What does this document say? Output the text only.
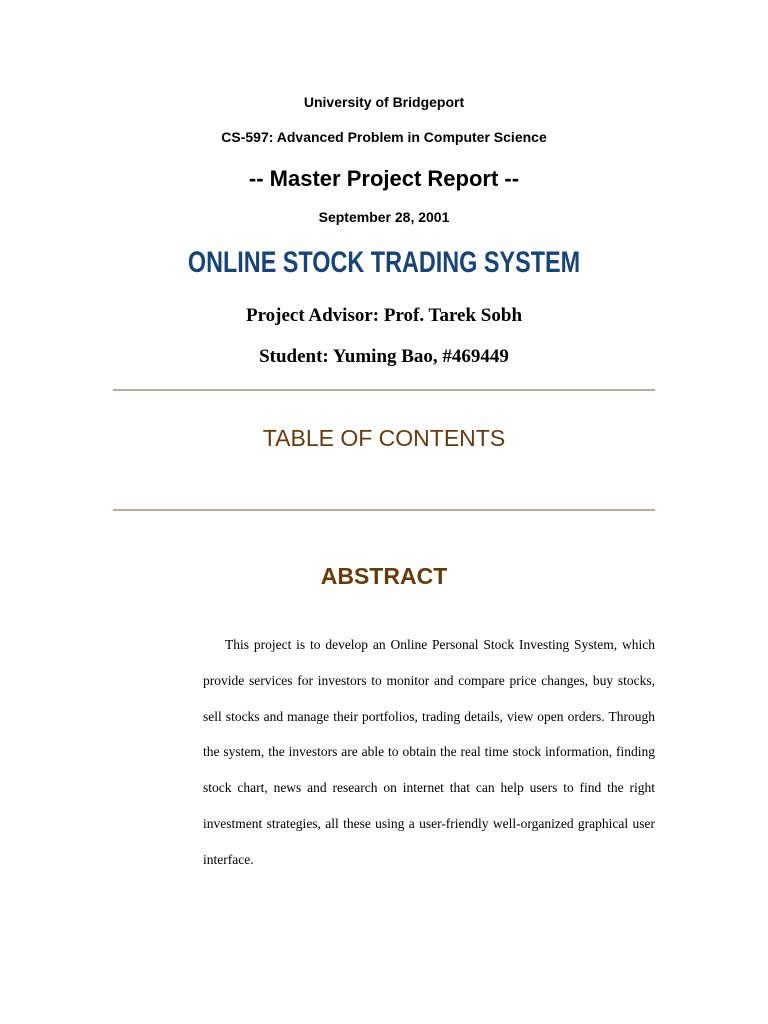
University of Bridgeport
CS-597: Advanced Problem in Computer Science
-- Master Project Report --
September 28, 2001
ONLINE STOCK TRADING SYSTEM
Project Advisor: Prof. Tarek Sobh
Student: Yuming Bao, #469449
TABLE OF CONTENTS
ABSTRACT

This project is to develop an Online Personal Stock Investing System, which provide services for investors to monitor and compare price changes, buy stocks, sell stocks and manage their portfolios, trading details, view open orders. Through the system, the investors are able to obtain the real time stock information, finding stock chart, news and research on internet that can help users to find the right investment strategies, all these using a user-friendly well-organized graphical user interface.
